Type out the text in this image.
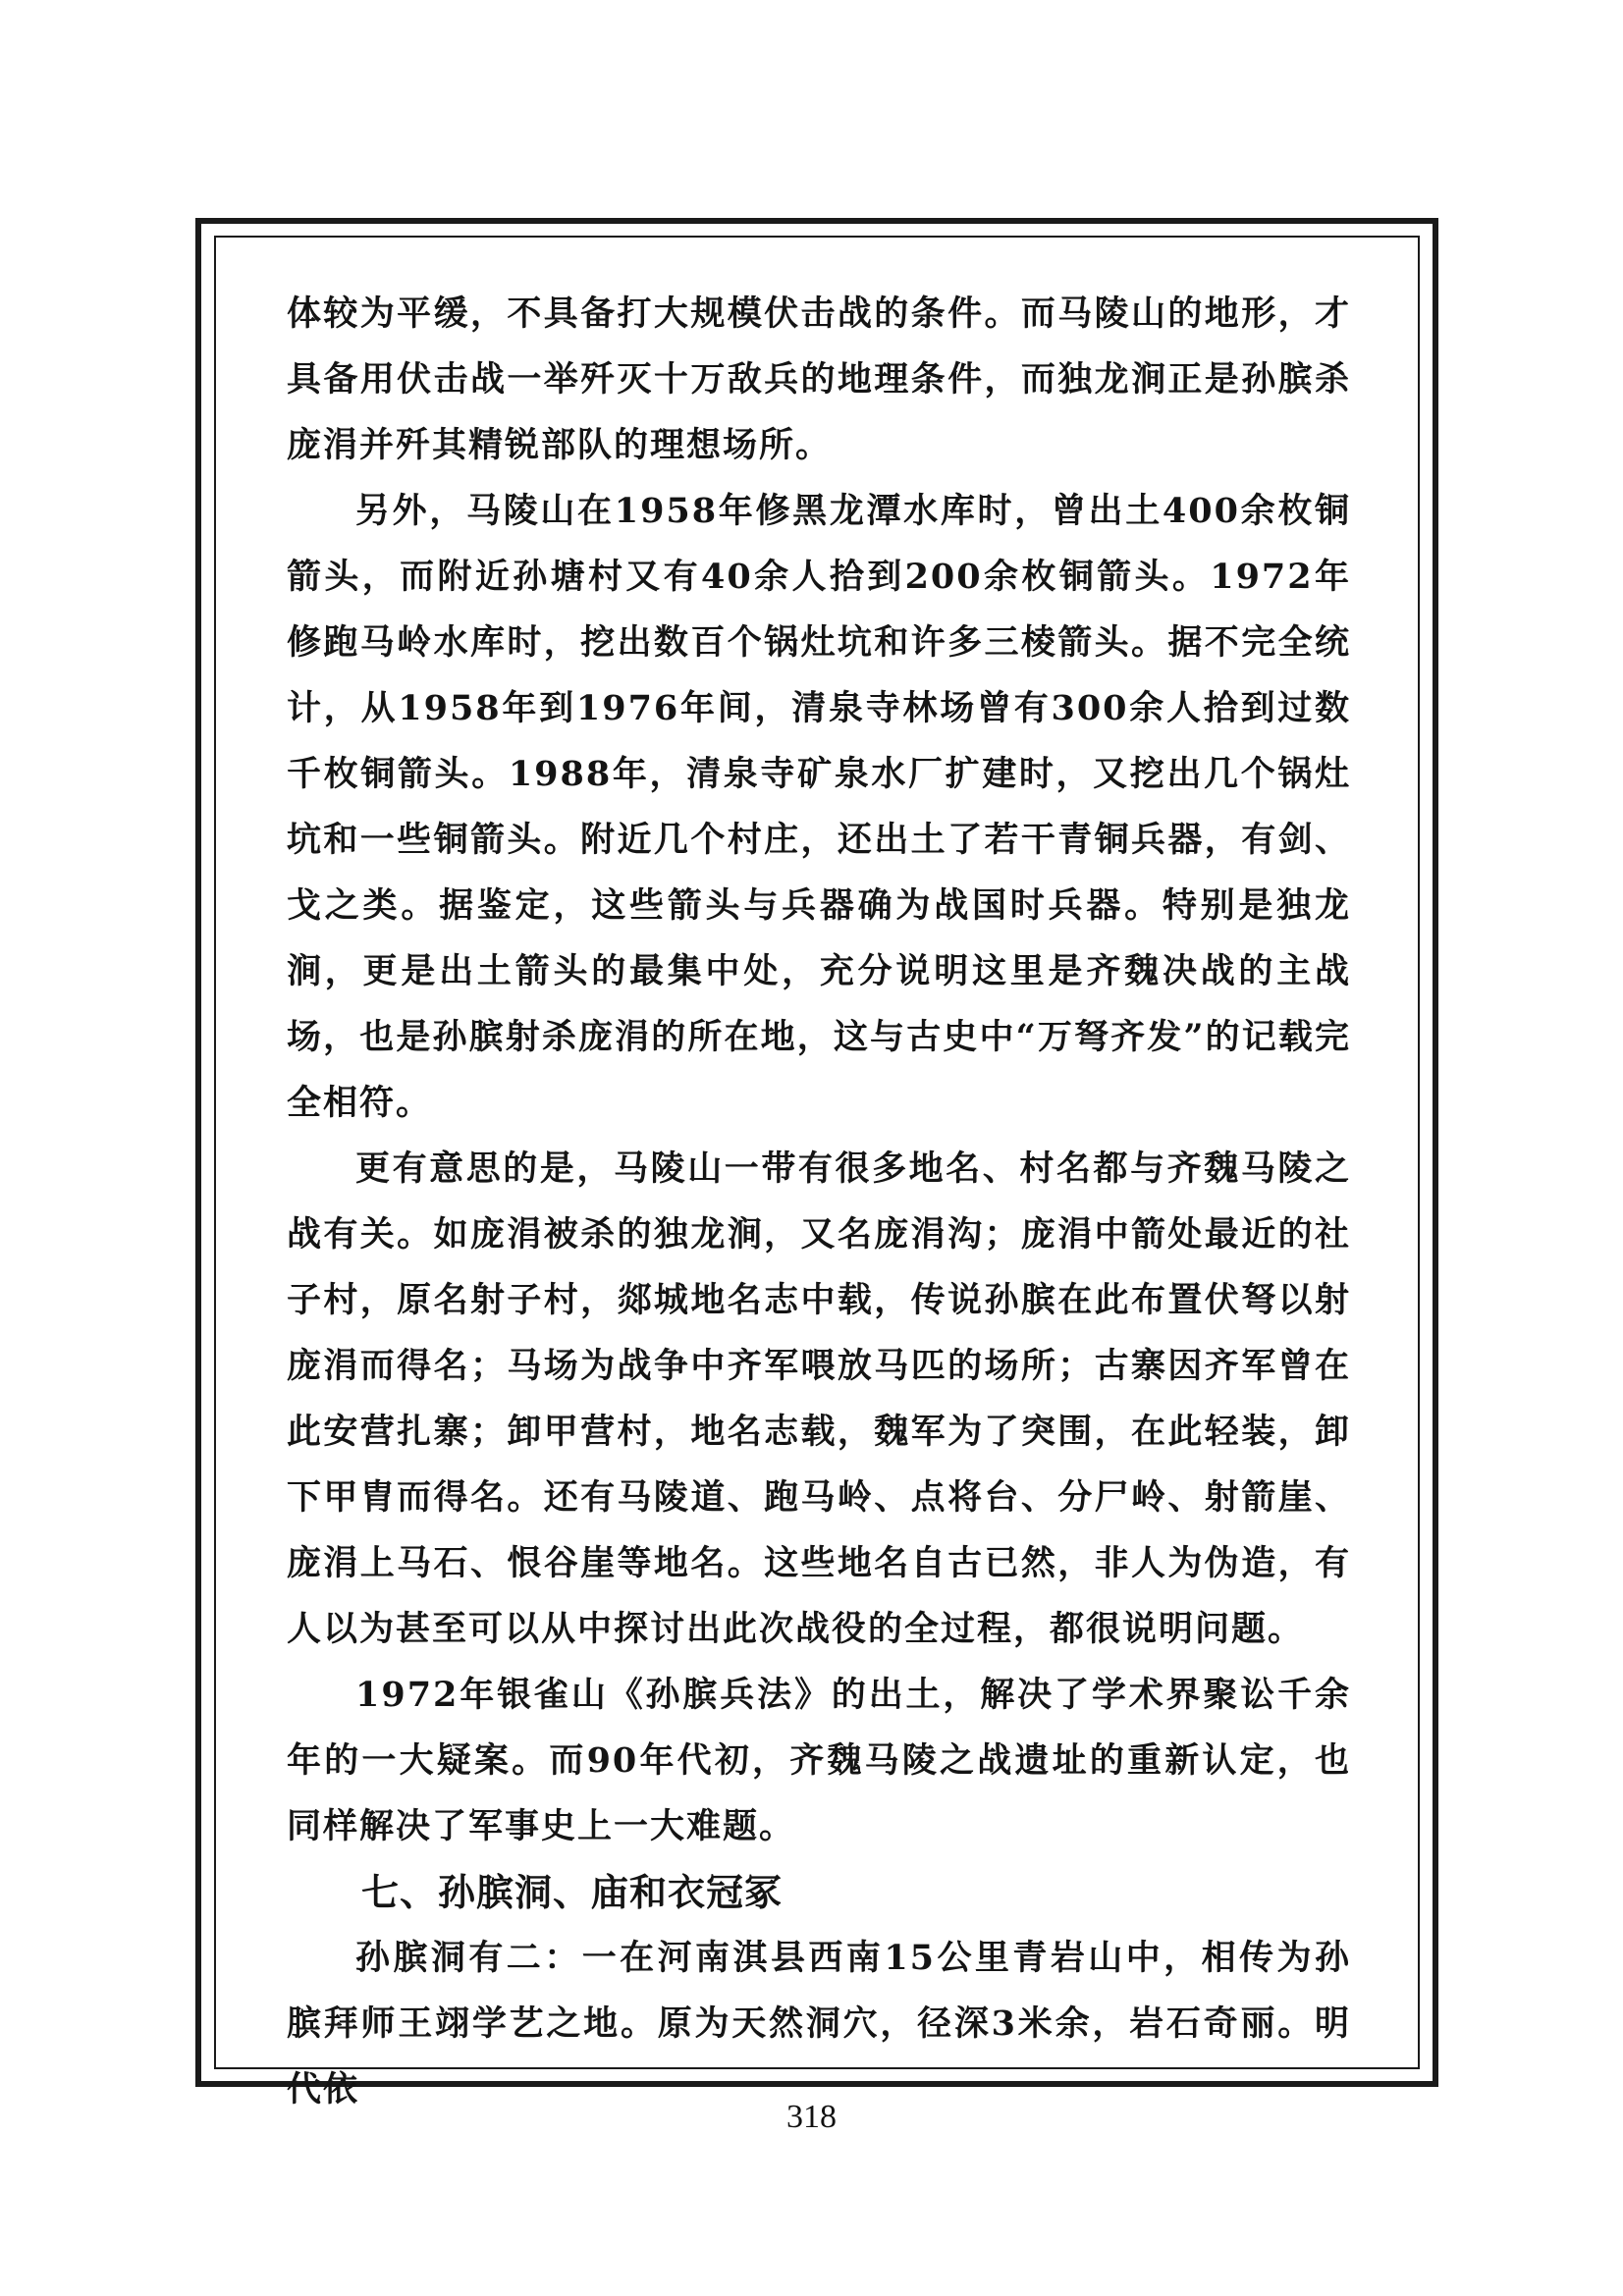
体较为平缓，不具备打大规模伏击战的条件。而马陵山的地形，才具备用伏击战一举歼灭十万敌兵的地理条件，而独龙涧正是孙膑杀庞涓并歼其精锐部队的理想场所。

另外，马陵山在1958年修黑龙潭水库时，曾出土400余枚铜箭头，而附近孙塘村又有40余人拾到200余枚铜箭头。1972年修跑马岭水库时，挖出数百个锅灶坑和许多三棱箭头。据不完全统计，从1958年到1976年间，清泉寺林场曾有300余人拾到过数千枚铜箭头。1988年，清泉寺矿泉水厂扩建时，又挖出几个锅灶坑和一些铜箭头。附近几个村庄，还出土了若干青铜兵器，有剑、戈之类。据鉴定，这些箭头与兵器确为战国时兵器。特别是独龙涧，更是出土箭头的最集中处，充分说明这里是齐魏决战的主战场，也是孙膑射杀庞涓的所在地，这与古史中“万弩齐发”的记载完全相符。

更有意思的是，马陵山一带有很多地名、村名都与齐魏马陵之战有关。如庞涓被杀的独龙涧，又名庞涓沟；庞涓中箭处最近的社子村，原名射子村，郯城地名志中载，传说孙膑在此布置伏弩以射庞涓而得名；马场为战争中齐军喂放马匹的场所；古寨因齐军曾在此安营扎寨；卸甲营村，地名志载，魏军为了突围，在此轻装，卸下甲胄而得名。还有马陵道、跑马岭、点将台、分尸岭、射箭崖、庞涓上马石、恨谷崖等地名。这些地名自古已然，非人为伪造，有人以为甚至可以从中探讨出此次战役的全过程，都很说明问题。

1972年银雀山《孙膑兵法》的出土，解决了学术界聚讼千余年的一大疑案。而90年代初，齐魏马陵之战遗址的重新认定，也同样解决了军事史上一大难题。

七、孙膑洞、庙和衣冠冢

孙膑洞有二：一在河南淇县西南15公里青岩山中，相传为孙膑拜师王翊学艺之地。原为天然洞穴，径深3米余，岩石奇丽。明代依

318
